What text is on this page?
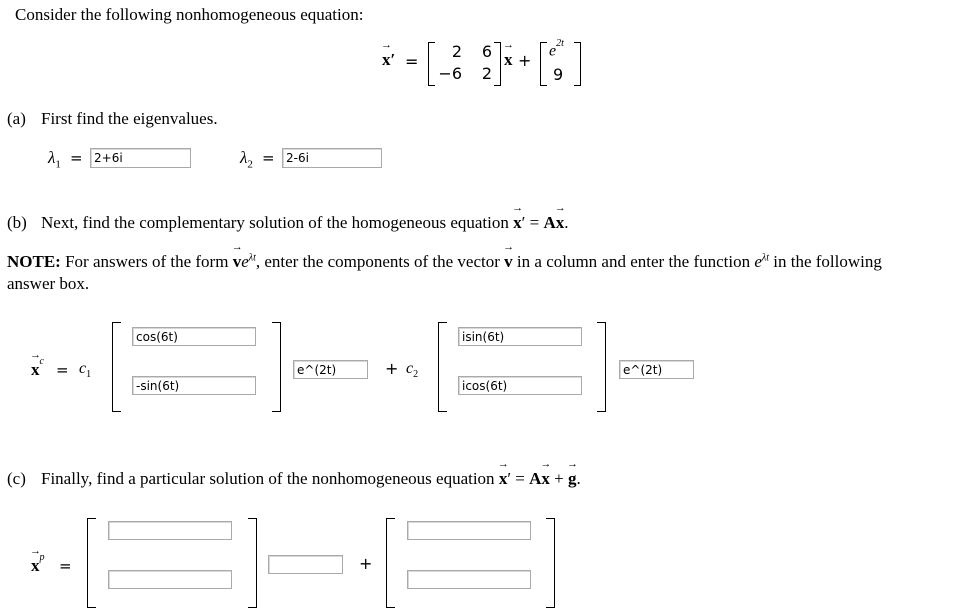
Consider the following nonhomogeneous equation:
→ x′ =
2	6
−6	2
→ x +
$e^{2t}$
9
(a) First find the eigenvalues.
$\lambda_1 = 2+6i$	$\lambda_2 = 2-6i$
(b) Next, find the complementary solution of the homogeneous equation → x′ = A→ x.
NOTE: For answers of the form → $ve^{\lambda t}$, enter the components of the vector → v in a column and enter the function $e^{\lambda t}$ in the following
answer box.
→ $x^c = c_1$
cos(6t)
-sin(6t)
e^(2t)	+ $c_2$
isin(6t)
icos(6t)
e^(2t)
(c) Finally, find a particular solution of the nonhomogeneous equation → x′ = A→ x + → g.
→ $x^p$ =	+
